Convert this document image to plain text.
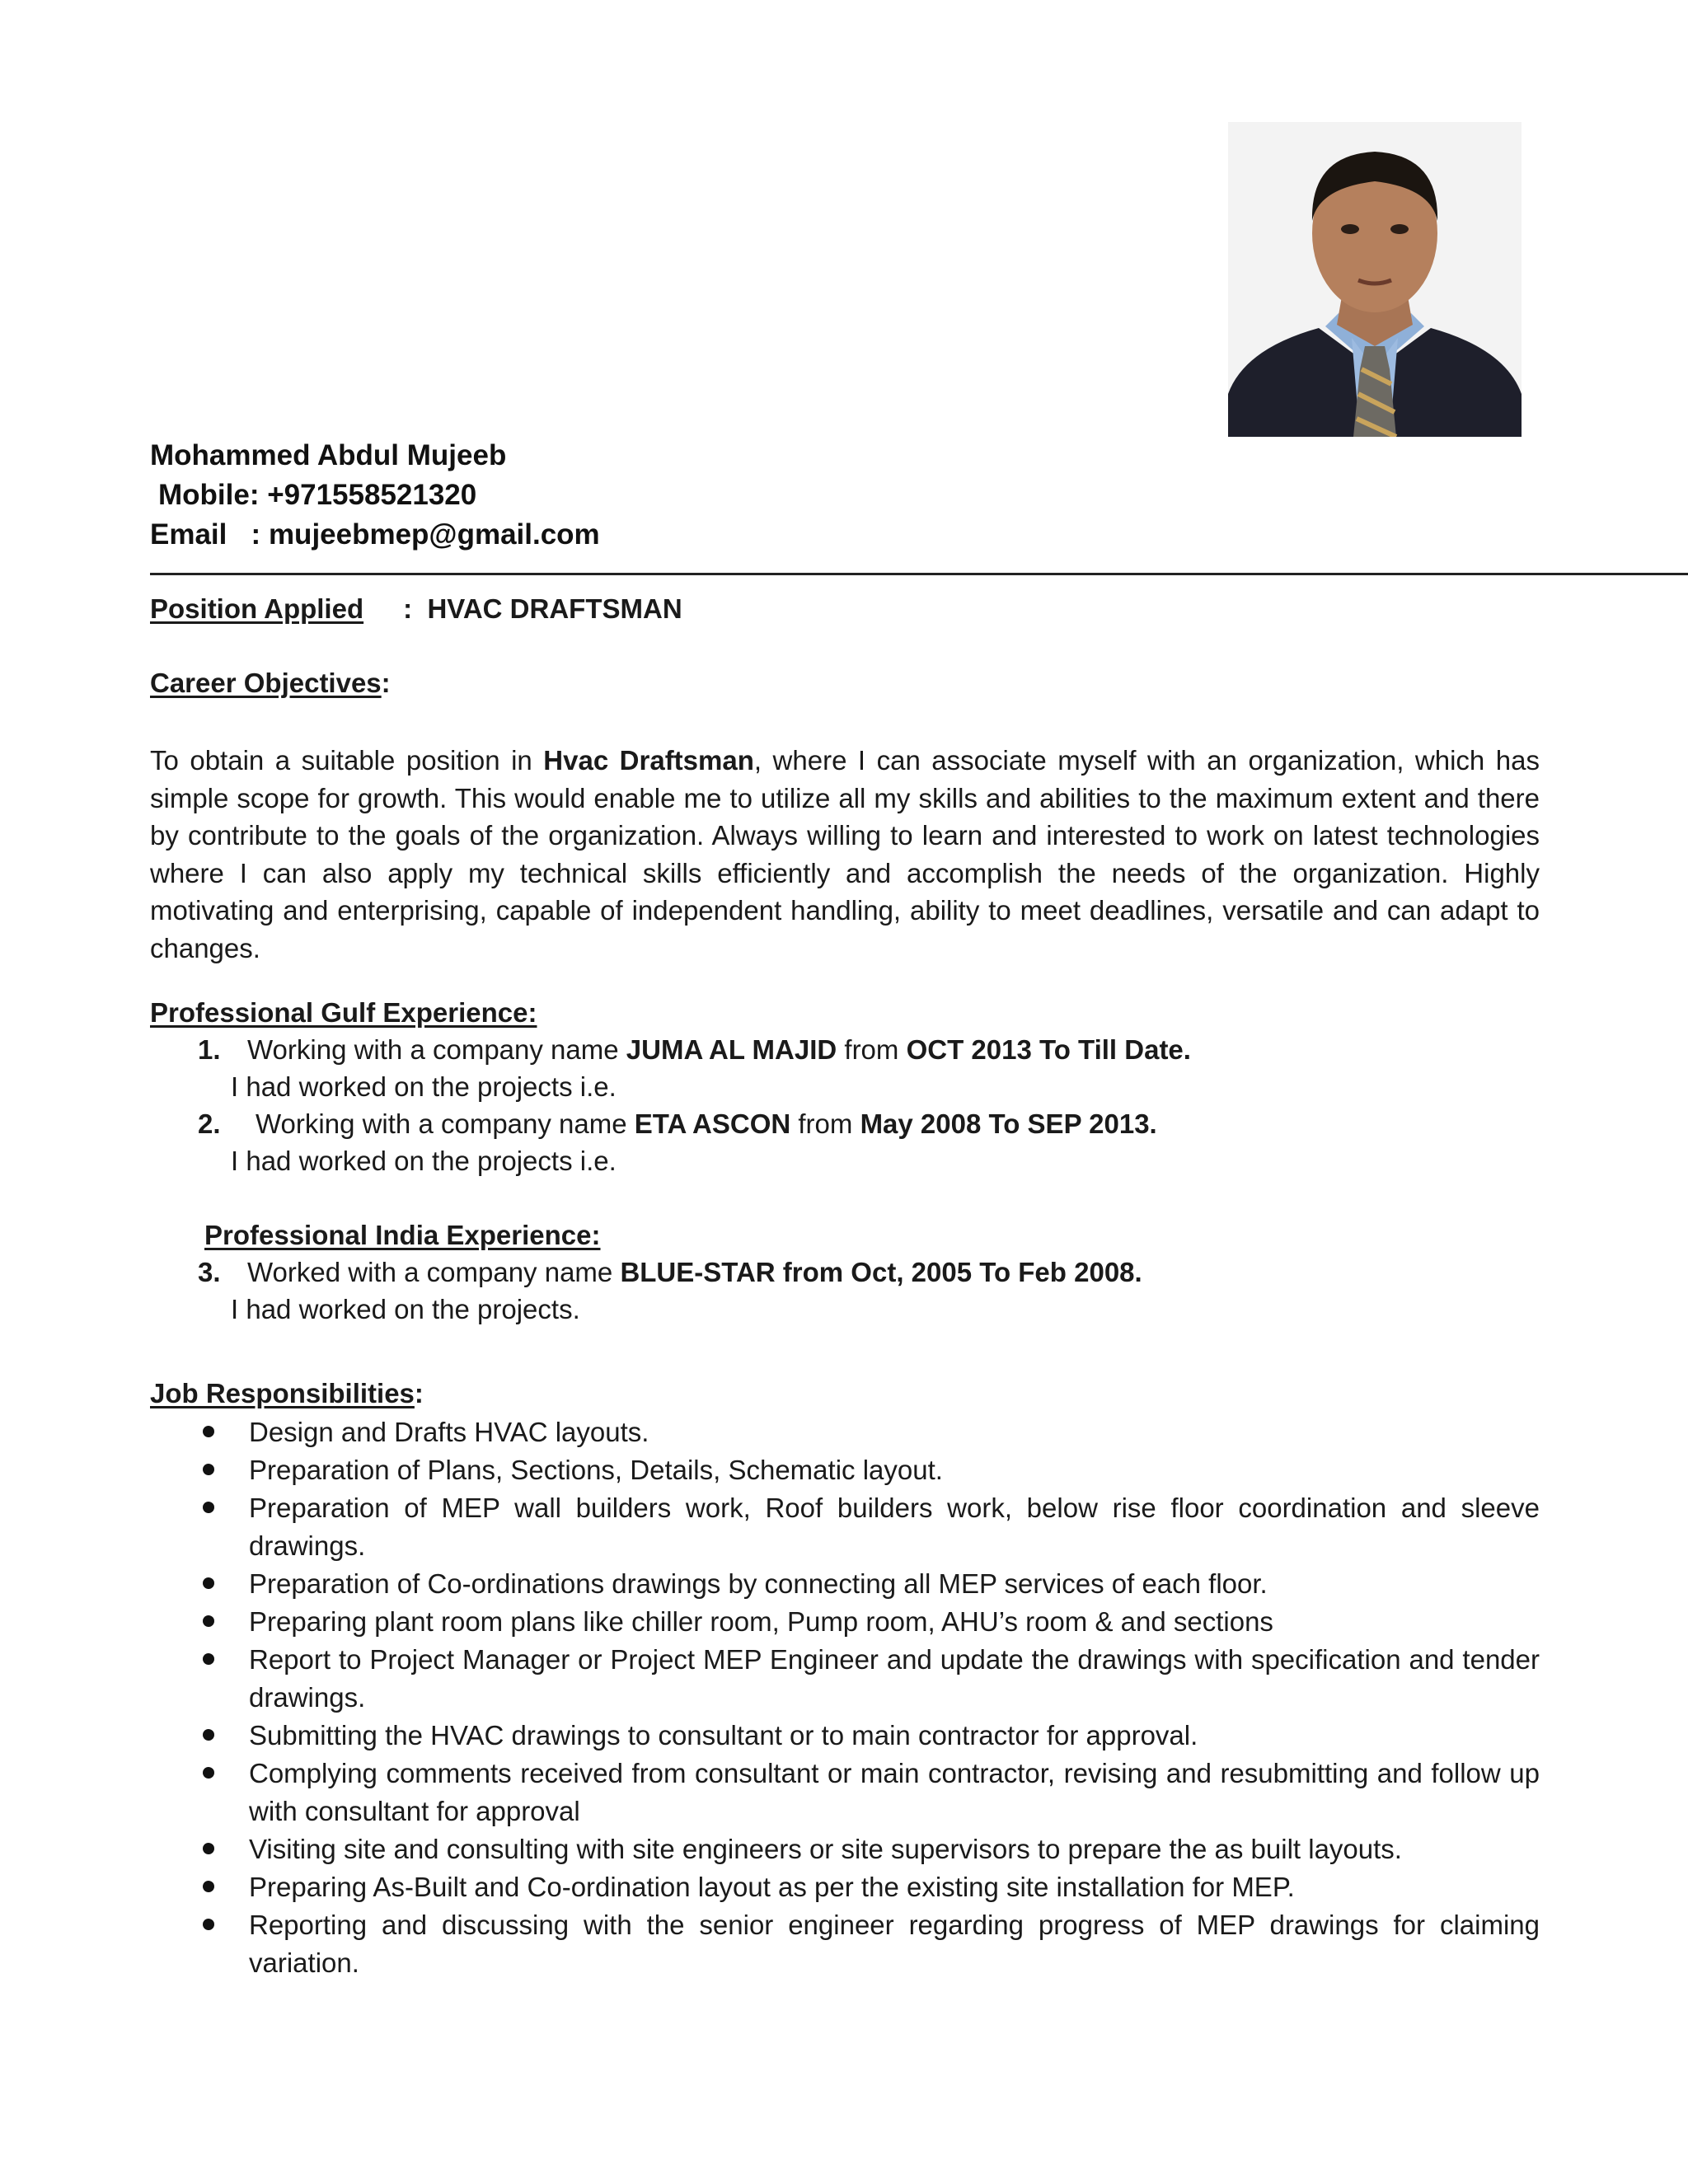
Mohammed Abdul Mujeeb
Mobile: +971558521320
Email   : mujeebmep@gmail.com
Position Applied : HVAC DRAFTSMAN
Career Objectives:
To obtain a suitable position in Hvac Draftsman, where I can associate myself with an organization, which has simple scope for growth. This would enable me to utilize all my skills and abilities to the maximum extent and there by contribute to the goals of the organization. Always willing to learn and interested to work on latest technologies where I can also apply my technical skills efficiently and accomplish the needs of the organization. Highly motivating and enterprising, capable of independent handling, ability to meet deadlines, versatile and can adapt to changes.
Professional Gulf Experience:
1. Working with a company name JUMA AL MAJID from OCT 2013 To Till Date.
I had worked on the projects i.e.
2. Working with a company name ETA ASCON from May 2008 To SEP 2013.
I had worked on the projects i.e.
Professional India Experience:
3. Worked with a company name BLUE-STAR from Oct, 2005 To Feb 2008.
I had worked on the projects.
Job Responsibilities:
Design and Drafts HVAC layouts.
Preparation of Plans, Sections, Details, Schematic layout.
Preparation of MEP wall builders work, Roof builders work, below rise floor coordination and sleeve drawings.
Preparation of Co-ordinations drawings by connecting all MEP services of each floor.
Preparing plant room plans like chiller room, Pump room, AHU’s room & and sections
Report to Project Manager or Project MEP Engineer and update the drawings with specification and tender drawings.
Submitting the HVAC drawings to consultant or to main contractor for approval.
Complying comments received from consultant or main contractor, revising and resubmitting and follow up with consultant for approval
Visiting site and consulting with site engineers or site supervisors to prepare the as built layouts.
Preparing As-Built and Co-ordination layout as per the existing site installation for MEP.
Reporting and discussing with the senior engineer regarding progress of MEP drawings for claiming variation.
